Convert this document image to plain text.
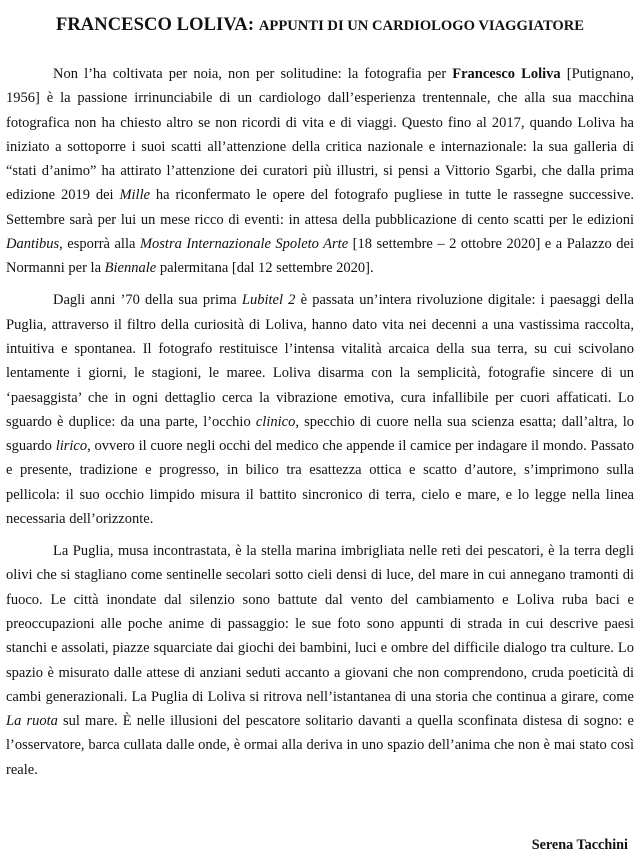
FRANCESCO LOLIVA: APPUNTI DI UN CARDIOLOGO VIAGGIATORE

Non l’ha coltivata per noia, non per solitudine: la fotografia per Francesco Loliva [Putignano, 1956] è la passione irrinunciabile di un cardiologo dall’esperienza trentennale, che alla sua macchina fotografica non ha chiesto altro se non ricordi di vita e di viaggi. Questo fino al 2017, quando Loliva ha iniziato a sottoporre i suoi scatti all’attenzione della critica nazionale e internazionale: la sua galleria di “stati d’animo” ha attirato l’attenzione dei curatori più illustri, si pensi a Vittorio Sgarbi, che dalla prima edizione 2019 dei Mille ha riconfermato le opere del fotografo pugliese in tutte le rassegne successive. Settembre sarà per lui un mese ricco di eventi: in attesa della pubblicazione di cento scatti per le edizioni Dantibus, esporrà alla Mostra Internazionale Spoleto Arte [18 settembre – 2 ottobre 2020] e a Palazzo dei Normanni per la Biennale palermitana [dal 12 settembre 2020].

Dagli anni ’70 della sua prima Lubitel 2 è passata un’intera rivoluzione digitale: i paesaggi della Puglia, attraverso il filtro della curiosità di Loliva, hanno dato vita nei decenni a una vastissima raccolta, intuitiva e spontanea. Il fotografo restituisce l’intensa vitalità arcaica della sua terra, su cui scivolano lentamente i giorni, le stagioni, le maree. Loliva disarma con la semplicità, fotografie sincere di un ‘paesaggista’ che in ogni dettaglio cerca la vibrazione emotiva, cura infallibile per cuori affaticati. Lo sguardo è duplice: da una parte, l’occhio clinico, specchio di cuore nella sua scienza esatta; dall’altra, lo sguardo lirico, ovvero il cuore negli occhi del medico che appende il camice per indagare il mondo. Passato e presente, tradizione e progresso, in bilico tra esattezza ottica e scatto d’autore, s’imprimono sulla pellicola: il suo occhio limpido misura il battito sincronico di terra, cielo e mare, e lo legge nella linea necessaria dell’orizzonte.

La Puglia, musa incontrastata, è la stella marina imbrigliata nelle reti dei pescatori, è la terra degli olivi che si stagliano come sentinelle secolari sotto cieli densi di luce, del mare in cui annegano tramonti di fuoco. Le città inondate dal silenzio sono battute dal vento del cambiamento e Loliva ruba baci e preoccupazioni alle poche anime di passaggio: le sue foto sono appunti di strada in cui descrive paesi stanchi e assolati, piazze squarciate dai giochi dei bambini, luci e ombre del difficile dialogo tra culture. Lo spazio è misurato dalle attese di anziani seduti accanto a giovani che non comprendono, cruda poeticità di cambi generazionali. La Puglia di Loliva si ritrova nell’istantanea di una storia che continua a girare, come La ruota sul mare. È nelle illusioni del pescatore solitario davanti a quella sconfinata distesa di sogno: e l’osservatore, barca cullata dalle onde, è ormai alla deriva in uno spazio dell’anima che non è mai stato così reale.

Serena Tacchini
